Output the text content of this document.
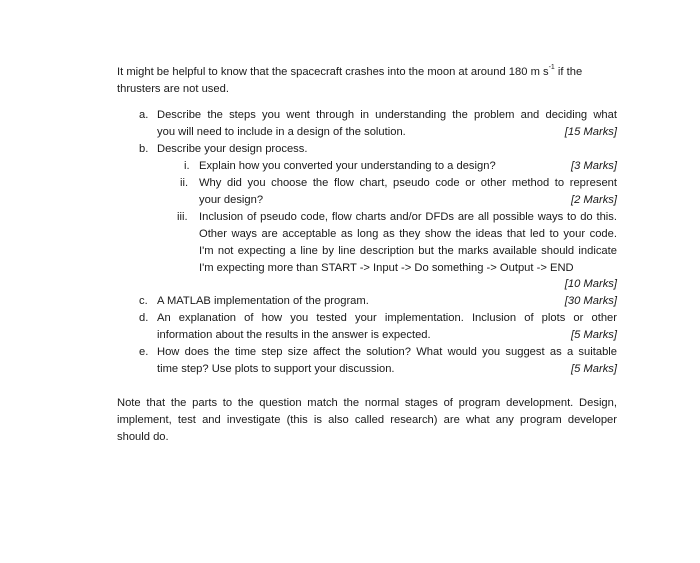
It might be helpful to know that the spacecraft crashes into the moon at around 180 m $s^{-1}$ if the
thrusters are not used.
a. Describe the steps you went through in understanding the problem and deciding what
you will need to include in a design of the solution.	[15 Marks]
b. Describe your design process.
i. Explain how you converted your understanding to a design?	[3 Marks]
ii. Why did you choose the flow chart, pseudo code or other method to represent
your design?	[2 Marks]
iii. Inclusion of pseudo code, flow charts and/or DFDs are all possible ways to do this.
Other ways are acceptable as long as they show the ideas that led to your code.
I'm not expecting a line by line description but the marks available should indicate
I'm expecting more than START -> Input -> Do something -> Output -> END
[10 Marks]
c. A MATLAB implementation of the program.	[30 Marks]
d. An explanation of how you tested your implementation. Inclusion of plots or other
information about the results in the answer is expected.	[5 Marks]
e. How does the time step size affect the solution? What would you suggest as a suitable
time step? Use plots to support your discussion.	[5 Marks]
Note that the parts to the question match the normal stages of program development. Design,
implement, test and investigate (this is also called research) are what any program developer
should do.
